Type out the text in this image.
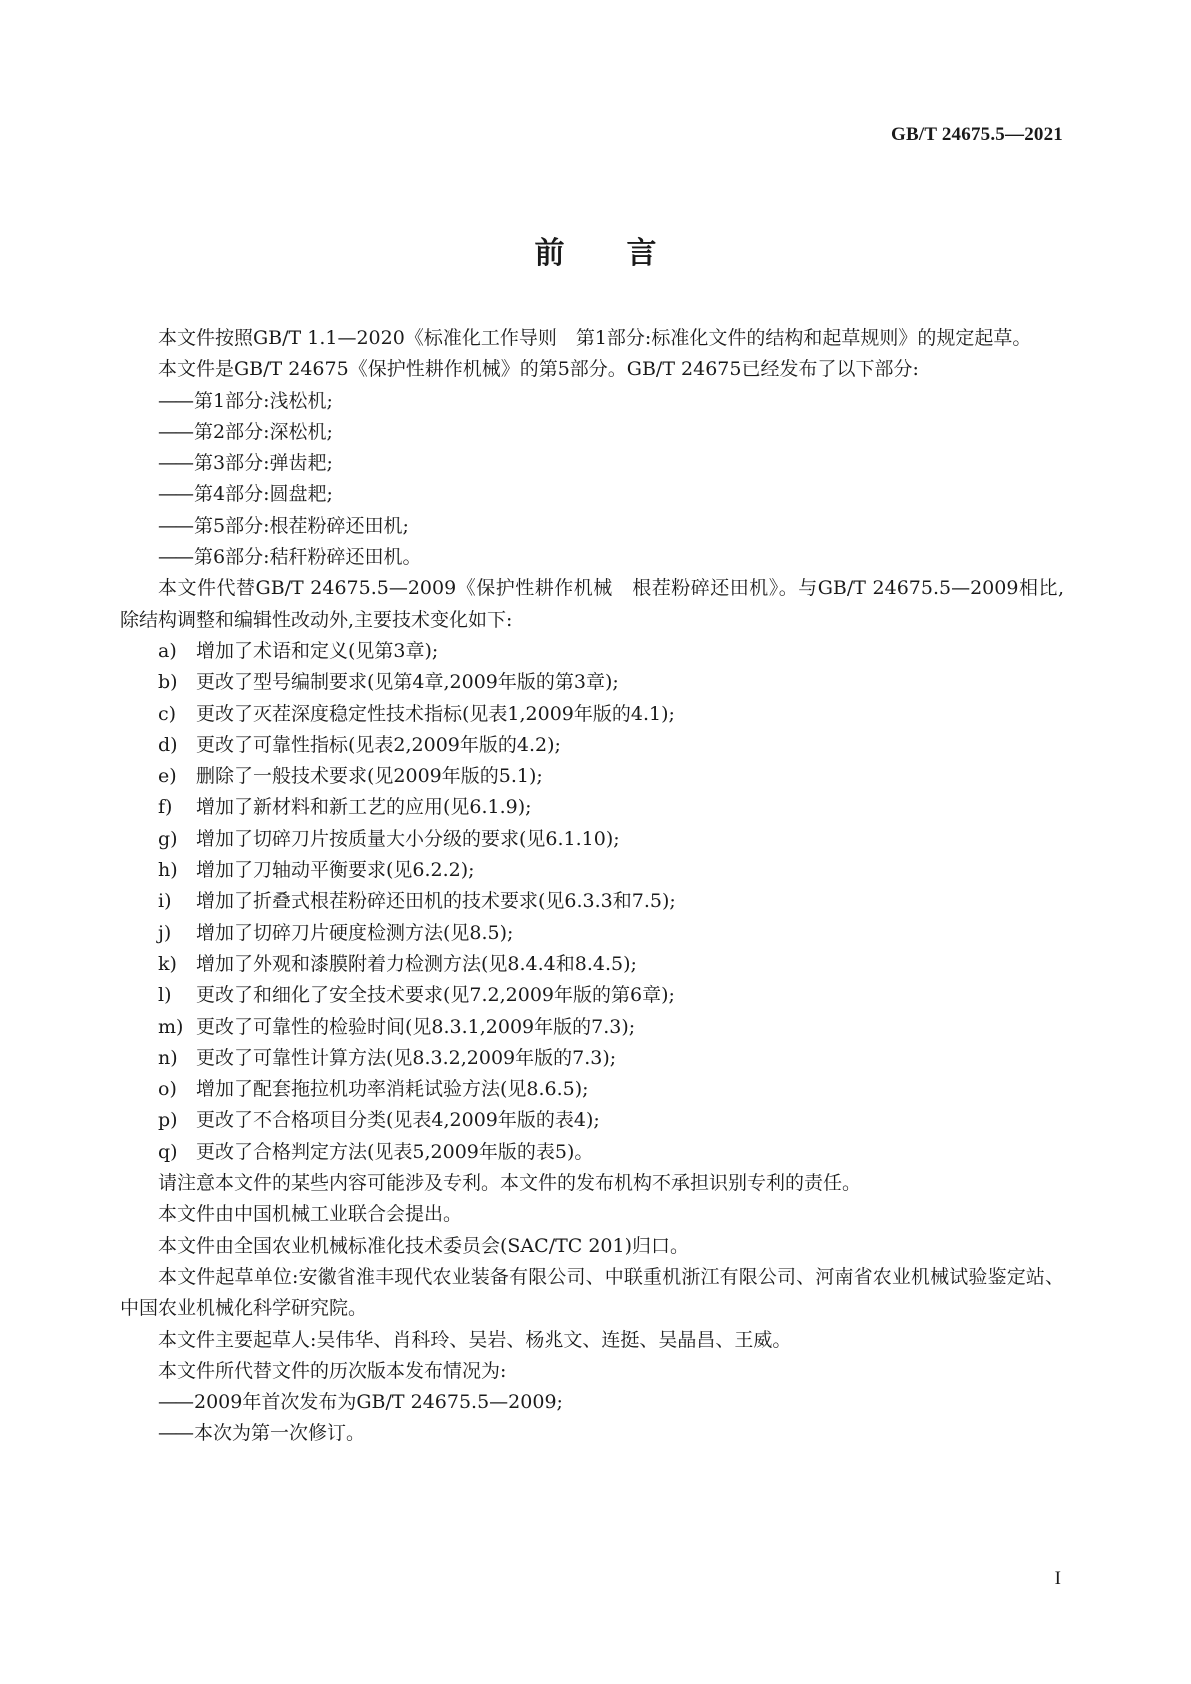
GB/T 24675.5—2021
前 言

本文件按照GB/T 1.1—2020《标准化工作导则　第1部分:标准化文件的结构和起草规则》的规定起草。

本文件是GB/T 24675《保护性耕作机械》的第5部分。GB/T 24675已经发布了以下部分:

—— 第1部分:浅松机;

—— 第2部分:深松机;

—— 第3部分:弹齿耙;

—— 第4部分:圆盘耙;

—— 第5部分:根茬粉碎还田机;

—— 第6部分:秸秆粉碎还田机。

本文件代替GB/T 24675.5—2009《保护性耕作机械　根茬粉碎还田机》。与GB/T 24675.5—2009相比,除结构调整和编辑性改动外,主要技术变化如下:

a) 增加了术语和定义(见第3章);

b) 更改了型号编制要求(见第4章,2009年版的第3章);

c) 更改了灭茬深度稳定性技术指标(见表1,2009年版的4.1);

d) 更改了可靠性指标(见表2,2009年版的4.2);

e) 删除了一般技术要求(见2009年版的5.1);

f) 增加了新材料和新工艺的应用(见6.1.9);

g) 增加了切碎刀片按质量大小分级的要求(见6.1.10);

h) 增加了刀轴动平衡要求(见6.2.2);

i) 增加了折叠式根茬粉碎还田机的技术要求(见6.3.3和7.5);

j) 增加了切碎刀片硬度检测方法(见8.5);

k) 增加了外观和漆膜附着力检测方法(见8.4.4和8.4.5);

l) 更改了和细化了安全技术要求(见7.2,2009年版的第6章);

m) 更改了可靠性的检验时间(见8.3.1,2009年版的7.3);

n) 更改了可靠性计算方法(见8.3.2,2009年版的7.3);

o) 增加了配套拖拉机功率消耗试验方法(见8.6.5);

p) 更改了不合格项目分类(见表4,2009年版的表4);

q) 更改了合格判定方法(见表5,2009年版的表5)。

请注意本文件的某些内容可能涉及专利。本文件的发布机构不承担识别专利的责任。

本文件由中国机械工业联合会提出。

本文件由全国农业机械标准化技术委员会(SAC/TC 201)归口。

本文件起草单位:安徽省淮丰现代农业装备有限公司、中联重机浙江有限公司、河南省农业机械试验鉴定站、中国农业机械化科学研究院。

本文件主要起草人:吴伟华、肖科玲、吴岩、杨兆文、连挺、吴晶昌、王威。

本文件所代替文件的历次版本发布情况为:

—— 2009年首次发布为GB/T 24675.5—2009;

—— 本次为第一次修订。

I
